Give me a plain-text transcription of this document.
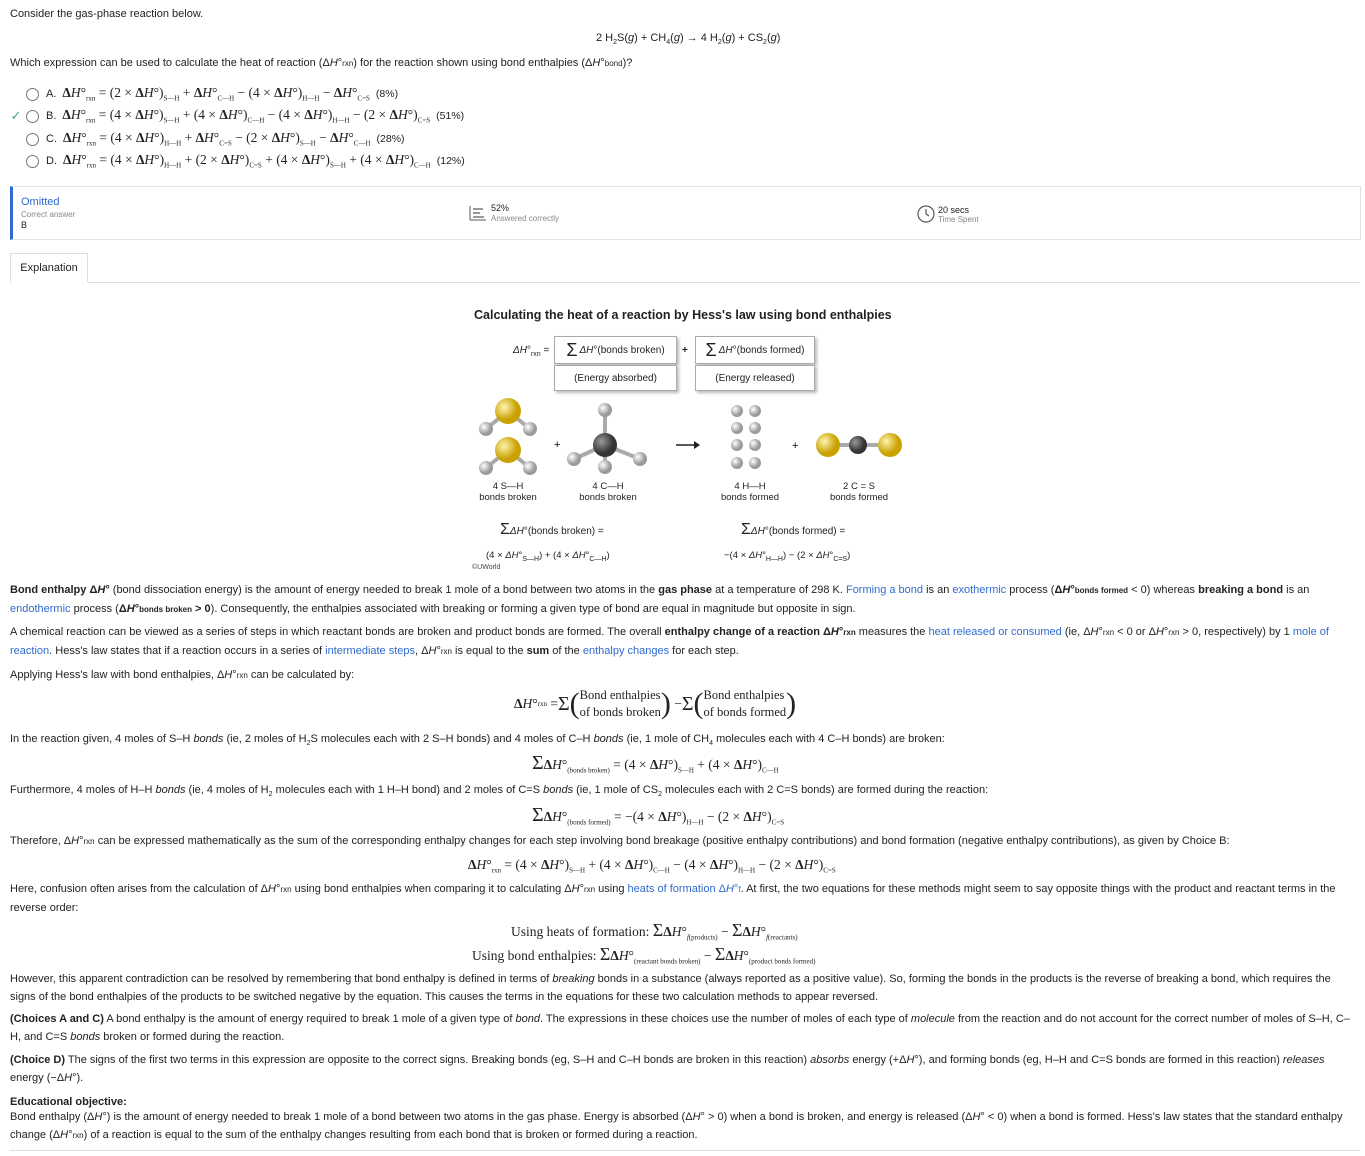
Consider the gas-phase reaction below.
2 $H_2S(g) + CH_4(g) \to 4$ $H_2(g) + CS_2(g)$
Which expression can be used to calculate the heat of reaction (ΔH°rxn) for the reaction shown using bond enthalpies (ΔH°bond)?
A. $\Delta H^\circ_{rxn} = (2 \times \Delta H^\circ)_{S—H} + \Delta H^\circ_{C—H} - (4 \times \Delta H^\circ)_{H—H} - \Delta H^\circ_{C=S}$ (8%)
✓ B. $\Delta H^\circ_{rxn} = (4 \times \Delta H^\circ)_{S—H} + (4 \times \Delta H^\circ)_{C—H} - (4 \times \Delta H^\circ)_{H—H} - (2 \times \Delta H^\circ)_{C=S}$ (51%)
C. $\Delta H^\circ_{rxn} = (4 \times \Delta H^\circ)_{H—H} + \Delta H^\circ_{C=S} - (2 \times \Delta H^\circ)_{S—H} - \Delta H^\circ_{C—H}$ (28%)
D. $\Delta H^\circ_{rxn} = (4 \times \Delta H^\circ)_{H—H} + (2 \times \Delta H^\circ)_{C=S} + (4 \times \Delta H^\circ)_{S—H} + (4 \times \Delta H^\circ)_{C—H}$ (12%)
Omitted
Correct answer
B
52%
Answered correctly
20 secs
Time Spent
Explanation
Calculating the heat of a reaction by Hess's law using bond enthalpies
$\Delta H^\circ_{rxn} = \Sigma$ ΔH°(bonds broken)
(Energy absorbed)
+ Σ ΔH°(bonds formed)
(Energy released)
+	+
4 S—H
bonds broken
4 C—H
bonds broken
4 H—H
bonds formed
2 C = S
bonds formed
ΣΔH°(bonds broken) =
$(4 \times \Delta H^\circ_{S—H}) + (4 \times \Delta H^\circ_{C—H})$
ΣΔH°(bonds formed) =
$-(4 \times \Delta H^\circ_{H—H}) - (2 \times \Delta H^\circ_{C=S})$
©UWorld

Bond enthalpy ΔH° (bond dissociation energy) is the amount of energy needed to break 1 mole of a bond between two atoms in the gas phase at a temperature of 298 K. Forming a bond is an exothermic process (ΔH°bonds formed < 0) whereas breaking a bond is an endothermic process (ΔH°bonds broken > 0). Consequently, the enthalpies associated with breaking or forming a given type of bond are equal in magnitude but opposite in sign.

A chemical reaction can be viewed as a series of steps in which reactant bonds are broken and product bonds are formed. The overall enthalpy change of a reaction ΔH°rxn measures the heat released or consumed (ie, ΔH°rxn < 0 or ΔH°rxn > 0, respectively) by 1 mole of reaction. Hess's law states that if a reaction occurs in a series of intermediate steps, ΔH°rxn is equal to the sum of the enthalpy changes for each step.

Applying Hess's law with bond enthalpies, ΔH°rxn can be calculated by:

Δ H ° rxn = Σ ( Bond enthalpies
of bonds broken ) − Σ ( Bond enthalpies
of bonds formed )

In the reaction given, 4 moles of S–H bonds (ie, 2 moles of $H_2S$ molecules each with 2 S–H bonds) and 4 moles of C–H bonds (ie, 1 mole of $CH_4$ molecules each with 4 C–H bonds) are broken:

$\Sigma\Delta H^\circ_{(bonds broken)} = (4 \times \Delta H^\circ)_{S—H} + (4 \times \Delta H^\circ)_{C—H}$

Furthermore, 4 moles of H–H bonds (ie, 4 moles of $H_2$ molecules each with 1 H–H bond) and 2 moles of C=S bonds (ie, 1 mole of $CS_2$ molecules each with 2 C=S bonds) are formed during the reaction:

$\Sigma\Delta H^\circ_{(bonds formed)} = -(4 \times \Delta H^\circ)_{H—H} - (2 \times \Delta H^\circ)_{C=S}$

Therefore, ΔH°rxn can be expressed mathematically as the sum of the corresponding enthalpy changes for each step involving bond breakage (positive enthalpy contributions) and bond formation (negative enthalpy contributions), as given by Choice B:

$\Delta H^\circ_{rxn} = (4 \times \Delta H^\circ)_{S—H} + (4 \times \Delta H^\circ)_{C—H} - (4 \times \Delta H^\circ)_{H—H} - (2 \times \Delta H^\circ)_{C=S}$

Here, confusion often arises from the calculation of ΔH°rxn using bond enthalpies when comparing it to calculating ΔH°rxn using heats of formation ΔH°f. At first, the two equations for these methods might seem to say opposite things with the product and reactant terms in the reverse order:

Using heats of formation: $\Sigma\Delta H^\circ_{f(products)} - \Sigma\Delta H^\circ_{f(reactants)}$
Using bond enthalpies: $\Sigma\Delta H^\circ_{(reactant bonds broken)} - \Sigma\Delta H^\circ_{(product bonds formed)}$

However, this apparent contradiction can be resolved by remembering that bond enthalpy is defined in terms of breaking bonds in a substance (always reported as a positive value). So, forming the bonds in the products is the reverse of breaking a bond, which requires the signs of the bond enthalpies of the products to be switched negative by the equation. This causes the terms in the equations for these two calculation methods to appear reversed.

(Choices A and C) A bond enthalpy is the amount of energy required to break 1 mole of a given type of bond. The expressions in these choices use the number of moles of each type of molecule from the reaction and do not account for the correct number of moles of S–H, C–H, and C=S bonds broken or formed during the reaction.

(Choice D) The signs of the first two terms in this expression are opposite to the correct signs. Breaking bonds (eg, S–H and C–H bonds are broken in this reaction) absorbs energy (+ΔH°), and forming bonds (eg, H–H and C=S bonds are formed in this reaction) releases energy (−ΔH°).

Educational objective:

Bond enthalpy (ΔH°) is the amount of energy needed to break 1 mole of a bond between two atoms in the gas phase. Energy is absorbed (ΔH° > 0) when a bond is broken, and energy is released (ΔH° < 0) when a bond is formed. Hess's law states that the standard enthalpy change (ΔH°rxn) of a reaction is equal to the sum of the enthalpy changes resulting from each bond that is broken or formed during a reaction.
